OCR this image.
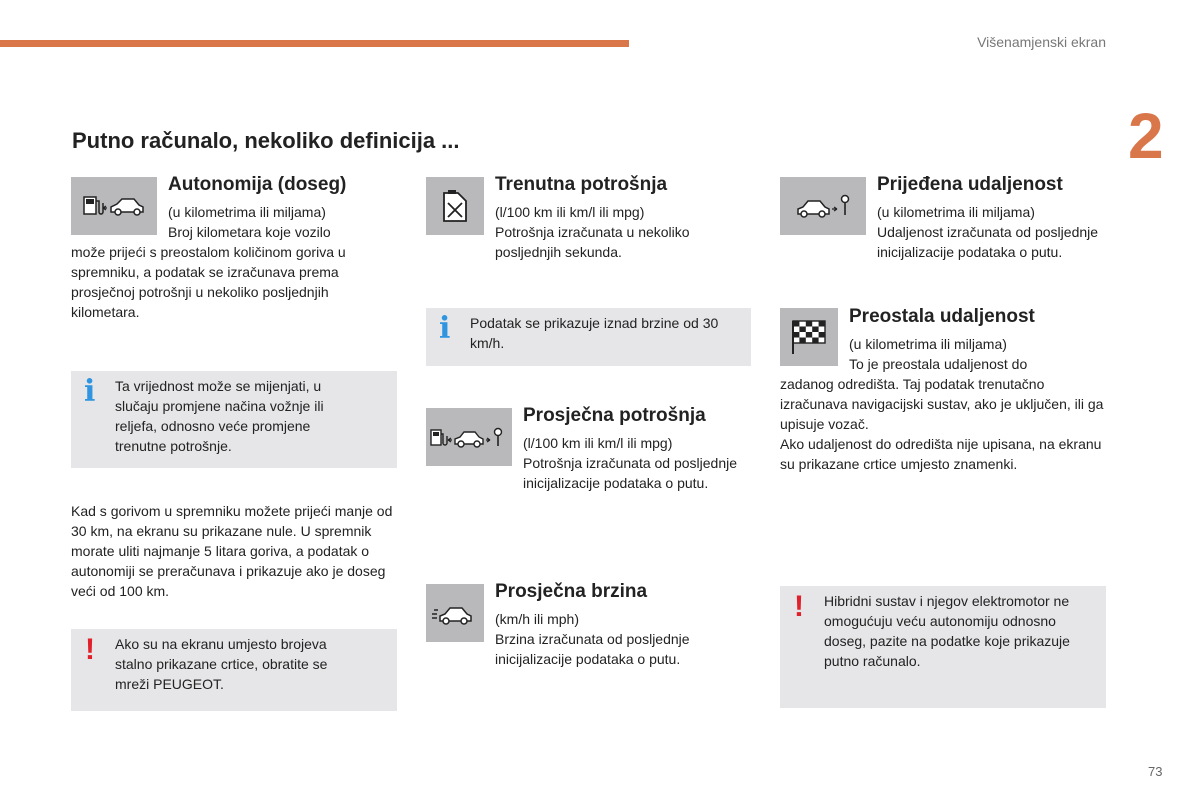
Višenamjenski ekran
2
Putno računalo, nekoliko definicija ...
Autonomija (doseg)
(u kilometrima ili miljama)
Broj kilometara koje vozilo
može prijeći s preostalom količinom goriva u spremniku, a podatak se izračunava prema prosječnoj potrošnji u nekoliko posljednjih kilometara.
i Ta vrijednost može se mijenjati, u slučaju promjene načina vožnje ili reljefa, odnosno veće promjene trenutne potrošnje.
Kad s gorivom u spremniku možete prijeći manje od 30 km, na ekranu su prikazane nule. U spremnik morate uliti najmanje 5 litara goriva, a podatak o autonomiji se preračunava i prikazuje ako je doseg veći od 100 km.
! Ako su na ekranu umjesto brojeva stalno prikazane crtice, obratite se mreži PEUGEOT.
Trenutna potrošnja
(l/100 km ili km/l ili mpg)
Potrošnja izračunata u nekoliko posljednjih sekunda.
i Podatak se prikazuje iznad brzine od 30 km/h.
Prosječna potrošnja
(l/100 km ili km/l ili mpg)
Potrošnja izračunata od posljednje inicijalizacije podataka o putu.
Prosječna brzina
(km/h ili mph)
Brzina izračunata od posljednje inicijalizacije podataka o putu.
Prijeđena udaljenost
(u kilometrima ili miljama)
Udaljenost izračunata od posljednje inicijalizacije podataka o putu.
Preostala udaljenost
(u kilometrima ili miljama)
To je preostala udaljenost do
zadanog odredišta. Taj podatak trenutačno izračunava navigacijski sustav, ako je uključen, ili ga upisuje vozač.
Ako udaljenost do odredišta nije upisana, na ekranu su prikazane crtice umjesto znamenki.
! Hibridni sustav i njegov elektromotor ne omogućuju veću autonomiju odnosno doseg, pazite na podatke koje prikazuje putno računalo.
73
